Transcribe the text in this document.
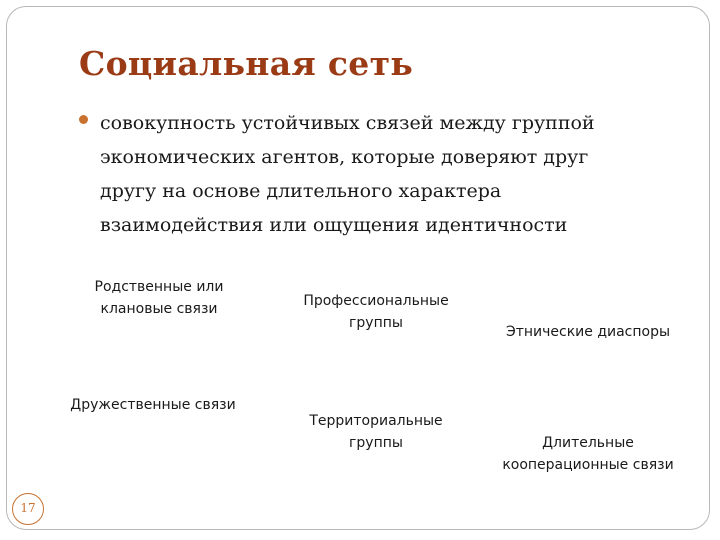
Социальная сеть
совокупность устойчивых связей между группой
экономических агентов, которые доверяют друг
другу на основе длительного характера
взаимодействия или ощущения идентичности
Родственные или
клановые связи
Дружественные связи
Профессиональные
группы
Территориальные
группы
Этнические диаспоры
Длительные
кооперационные связи
17
